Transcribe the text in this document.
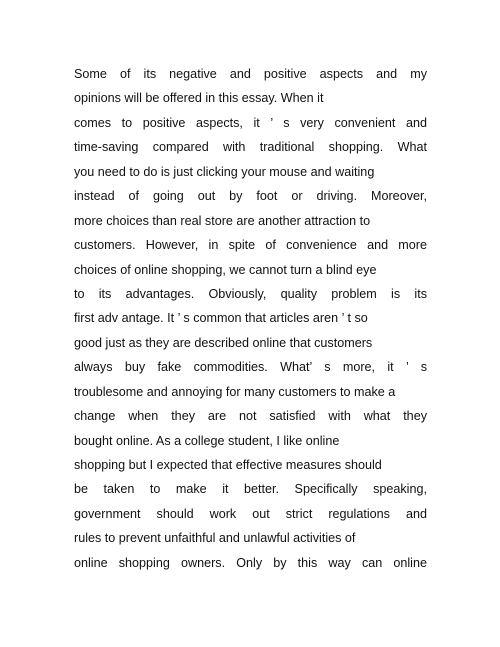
Some of its negative and positive aspects and my
opinions will be offered in this essay. When it
comes to positive aspects, it ’ s very convenient and
time-saving compared with traditional shopping. What
you need to do is just clicking your mouse and waiting
instead of going out by foot or driving. Moreover,
more choices than real store are another attraction to
customers. However, in spite of convenience and more
choices of online shopping, we cannot turn a blind eye
to its advantages. Obviously, quality problem is its
first adv antage. It ’ s common that articles aren ’ t so
good just as they are described online that customers
always buy fake commodities. What’ s more, it ’ s
troublesome and annoying for many customers to make a
change when they are not satisfied with what they
bought online. As a college student, I like online
shopping but I expected that effective measures should
be taken to make it better. Specifically speaking,
government should work out strict regulations and
rules to prevent unfaithful and unlawful activities of
online shopping owners. Only by this way can online
